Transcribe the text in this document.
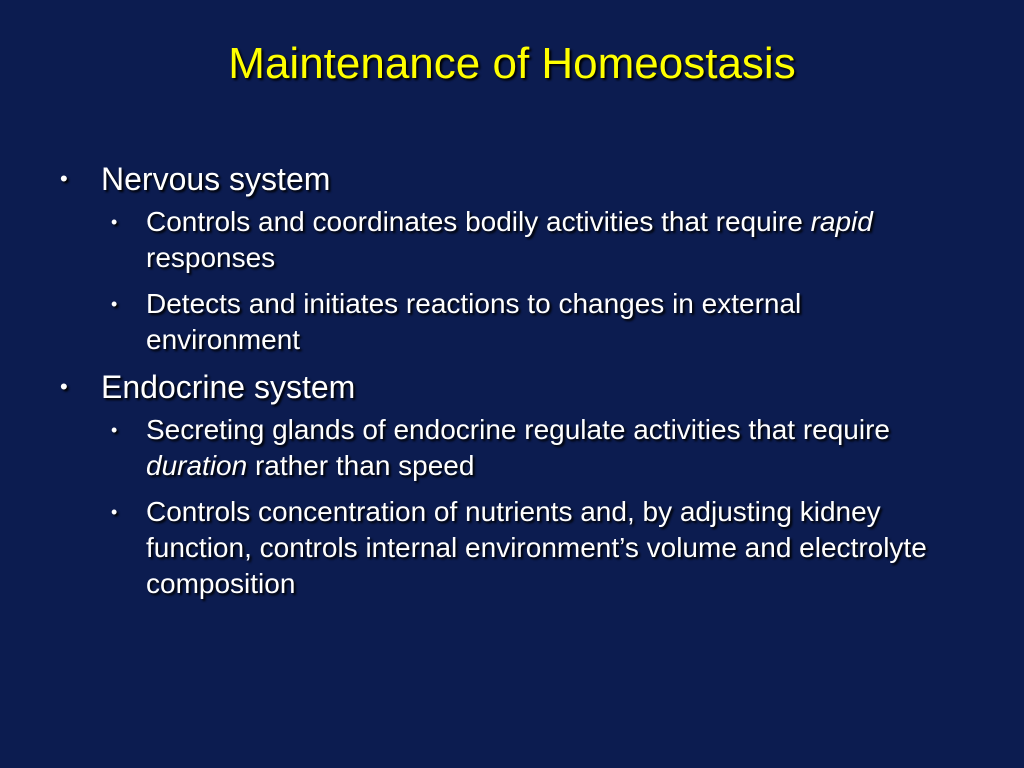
Maintenance of Homeostasis
• Nervous system
• Controls and coordinates bodily activities that require rapid responses
• Detects and initiates reactions to changes in external environment
• Endocrine system
• Secreting glands of endocrine regulate activities that require duration rather than speed
• Controls concentration of nutrients and, by adjusting kidney function, controls internal environment’s volume and electrolyte composition
